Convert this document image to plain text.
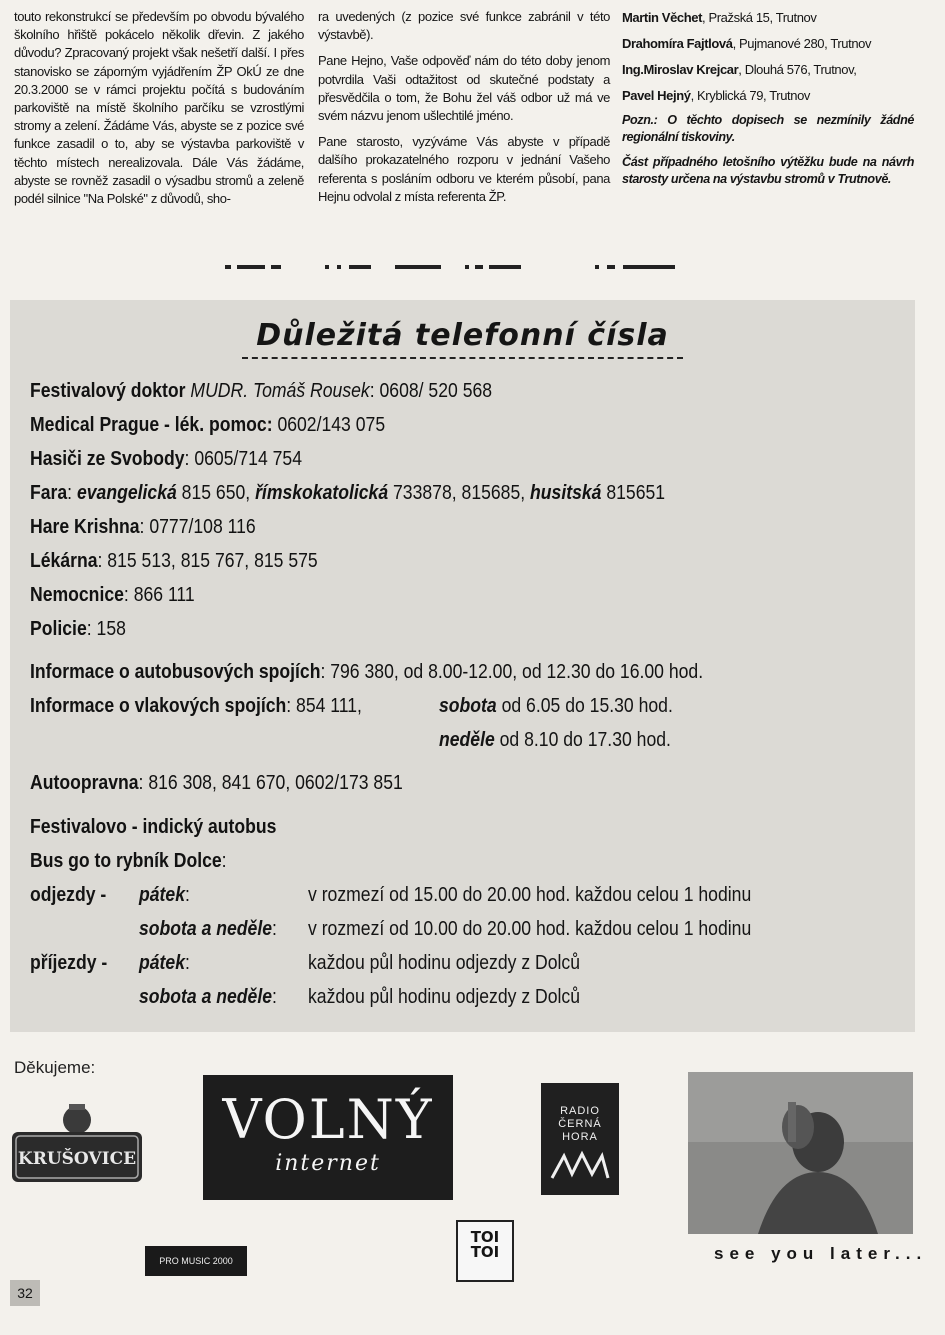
touto rekonstrukcí se především po obvodu bývalého školního hřiště pokácelo několik dřevin. Z jakého důvodu? Zpracovaný projekt však nešetří další. I přes stanovisko se záporným vyjádřením ŽP OkÚ ze dne 20.3.2000 se v rámci projektu počítá s budováním parkoviště na místě školního parčíku se vzrostlými stromy a zelení. Žádáme Vás, abyste se z pozice své funkce zasadil o to, aby se výstavba parkoviště v těchto místech nerealizovala. Dále Vás žádáme, abyste se rovněž zasadil o výsadbu stromů a zeleně podél silnice "Na Polské" z důvodů, sho-

ra uvedených (z pozice své funkce zabránil v této výstavbě).

Pane Hejno, Vaše odpověď nám do této doby jenom potvrdila Vaši odtažitost od skutečné podstaty a přesvědčila o tom, že Bohu žel váš odbor už má ve svém názvu jenom ušlechtilé jméno.

Pane starosto, vyzýváme Vás abyste v případě dalšího prokazatelného rozporu v jednání Vašeho referenta s posláním odboru ve kterém působí, pana Hejnu odvolal z místa referenta ŽP.

Martin Věchet, Pražská 15, Trutnov
Drahomíra Fajtlová, Pujmanové 280, Trutnov
Ing.Miroslav Krejcar, Dlouhá 576, Trutnov,
Pavel Hejný, Kryblická 79, Trutnov

Pozn.: O těchto dopisech se nezmínily žádné regionální tiskoviny.

Část případného letošního výtěžku bude na návrh starosty určena na výstavbu stromů v Trutnově.

Důležitá telefonní čísla
Festivalový doktor MUDR. Tomáš Rousek: 0608/ 520 568
Medical Prague - lék. pomoc: 0602/143 075
Hasiči ze Svobody: 0605/714 754
Fara: evangelická 815 650, římskokatolická 733878, 815685, husitská 815651
Hare Krishna: 0777/108 116
Lékárna: 815 513, 815 767, 815 575
Nemocnice: 866 111
Policie: 158
Informace o autobusových spojích: 796 380, od 8.00-12.00, od 12.30 do 16.00 hod.
Informace o vlakových spojích: 854 111,	sobota od 6.05 do 15.30 hod.
neděle od 8.10 do 17.30 hod.
Autoopravna: 816 308, 841 670, 0602/173 851
Festivalovo - indický autobus
Bus go to rybník Dolce:
odjezdy - pátek:	v rozmezí od 15.00 do 20.00 hod. každou celou 1 hodinu
sobota a neděle: v rozmezí od 10.00 do 20.00 hod. každou celou 1 hodinu
příjezdy - pátek:	každou půl hodinu odjezdy z Dolců
sobota a neděle: každou půl hodinu odjezdy z Dolců
Děkujeme:
KRUŠOVICE
VOLNÝ
internet
RADIO ČERNÁ HORA
see you later...
TOI TOI
PRO MUSIC 2000
32
